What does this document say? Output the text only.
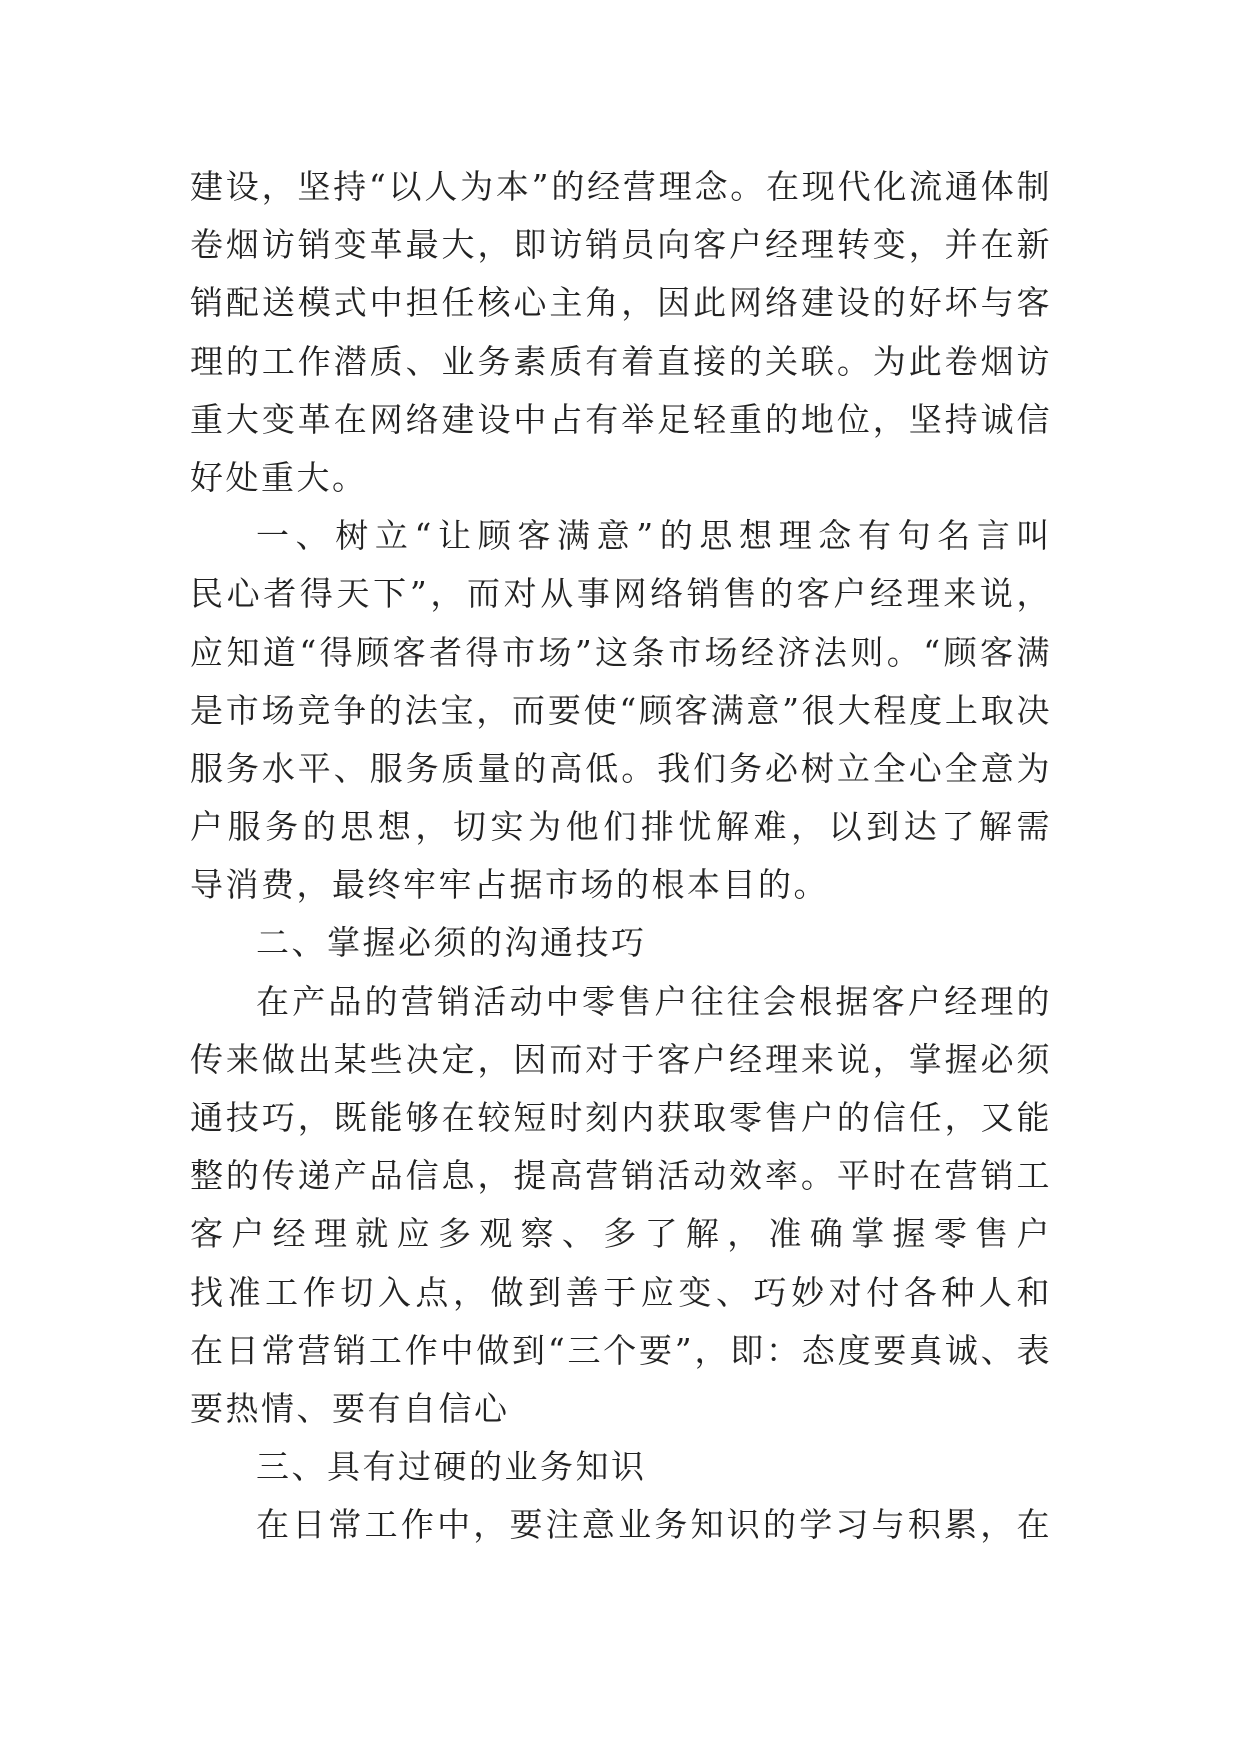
建设，坚持“以人为本”的经营理念。在现代化流通体制
卷烟访销变革最大，即访销员向客户经理转变，并在新
销配送模式中担任核心主角，因此网络建设的好坏与客
理的工作潜质、业务素质有着直接的关联。为此卷烟访
重大变革在网络建设中占有举足轻重的地位，坚持诚信
好处重大。
一、树立“让顾客满意”的思想理念有句名言叫
民心者得天下”，而对从事网络销售的客户经理来说，
应知道“得顾客者得市场”这条市场经济法则。“顾客满
是市场竞争的法宝，而要使“顾客满意”很大程度上取决
服务水平、服务质量的高低。我们务必树立全心全意为
户服务的思想，切实为他们排忧解难，以到达了解需
导消费，最终牢牢占据市场的根本目的。
二、掌握必须的沟通技巧
在产品的营销活动中零售户往往会根据客户经理的
传来做出某些决定，因而对于客户经理来说，掌握必须
通技巧，既能够在较短时刻内获取零售户的信任，又能
整的传递产品信息，提高营销活动效率。平时在营销工
客户经理就应多观察、多了解，准确掌握零售户
找准工作切入点，做到善于应变、巧妙对付各种人和
在日常营销工作中做到“三个要”，即：态度要真诚、表
要热情、要有自信心
三、具有过硬的业务知识
在日常工作中，要注意业务知识的学习与积累，在
